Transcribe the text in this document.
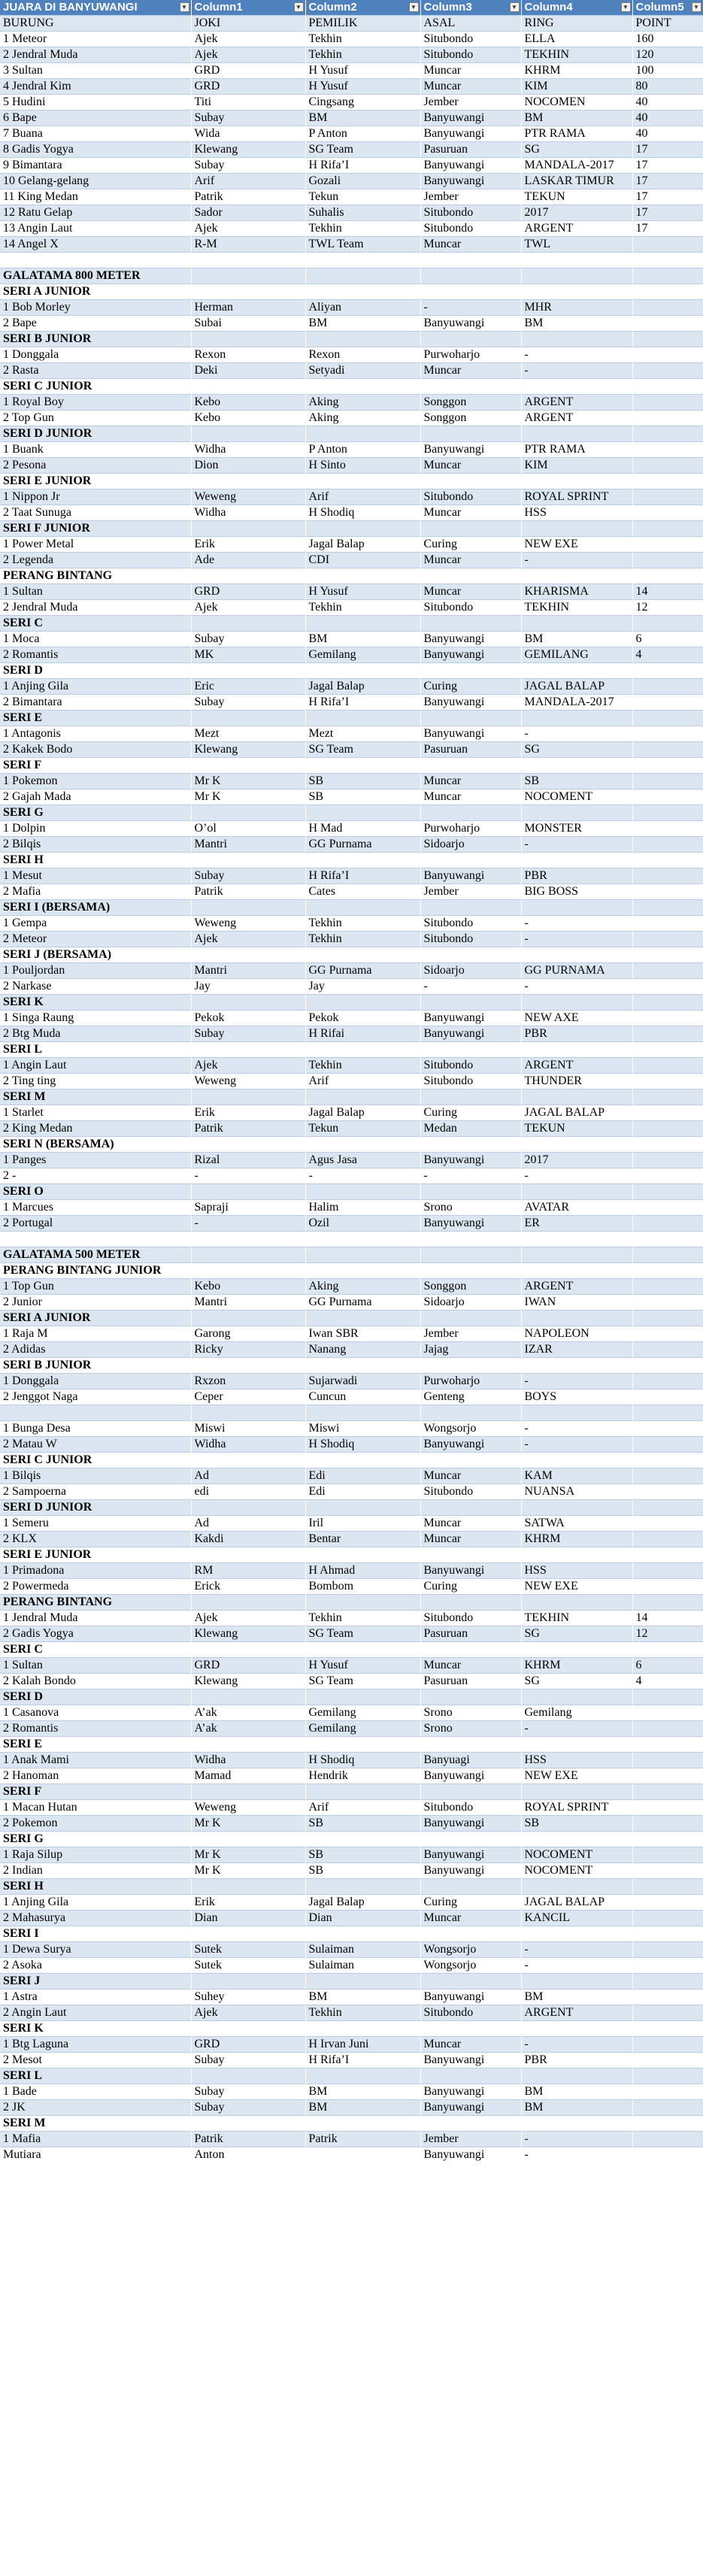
JUARA DI BANYUWANGI ▼	Column1 ▼	Column2 ▼	Column3 ▼	Column4 ▼	Column5 ▼

BURUNG	JOKI	PEMILIK	ASAL	RING	POINT
1 Meteor	Ajek	Tekhin	Situbondo	ELLA	160
2 Jendral Muda	Ajek	Tekhin	Situbondo	TEKHIN	120
3 Sultan	GRD	H Yusuf	Muncar	KHRM	100
4 Jendral Kim	GRD	H Yusuf	Muncar	KIM	80
5 Hudini	Titi	Cingsang	Jember	NOCOMEN	40
6 Bape	Subay	BM	Banyuwangi	BM	40
7 Buana	Wida	P Anton	Banyuwangi	PTR RAMA	40
8 Gadis Yogya	Klewang	SG Team	Pasuruan	SG	17
9 Bimantara	Subay	H Rifa’I	Banyuwangi	MANDALA-2017	17
10 Gelang-gelang	Arif	Gozali	Banyuwangi	LASKAR TIMUR	17
11 King Medan	Patrik	Tekun	Jember	TEKUN	17
12 Ratu Gelap	Sador	Suhalis	Situbondo	2017	17
13 Angin Laut	Ajek	Tekhin	Situbondo	ARGENT	17
14 Angel X	R-M	TWL Team	Muncar	TWL	

GALATAMA 800 METER					
SERI A JUNIOR					
1 Bob Morley	Herman	Aliyan	-	MHR	
2 Bape	Subai	BM	Banyuwangi	BM	
SERI B JUNIOR					
1 Donggala	Rexon	Rexon	Purwoharjo	-	
2 Rasta	Deki	Setyadi	Muncar	-	
SERI C JUNIOR					
1 Royal Boy	Kebo	Aking	Songgon	ARGENT	
2 Top Gun	Kebo	Aking	Songgon	ARGENT	
SERI D JUNIOR					
1 Buank	Widha	P Anton	Banyuwangi	PTR RAMA	
2 Pesona	Dion	H Sinto	Muncar	KIM	
SERI E JUNIOR					
1 Nippon Jr	Weweng	Arif	Situbondo	ROYAL SPRINT	
2 Taat Sunuga	Widha	H Shodiq	Muncar	HSS	
SERI F JUNIOR					
1 Power Metal	Erik	Jagal Balap	Curing	NEW EXE	
2 Legenda	Ade	CDI	Muncar	-	
PERANG BINTANG					
1 Sultan	GRD	H Yusuf	Muncar	KHARISMA	14
2 Jendral Muda	Ajek	Tekhin	Situbondo	TEKHIN	12
SERI C					
1 Moca	Subay	BM	Banyuwangi	BM	6
2 Romantis	MK	Gemilang	Banyuwangi	GEMILANG	4
SERI D					
1 Anjing Gila	Eric	Jagal Balap	Curing	JAGAL BALAP	
2 Bimantara	Subay	H Rifa’I	Banyuwangi	MANDALA-2017	
SERI E					
1 Antagonis	Mezt	Mezt	Banyuwangi	-	
2 Kakek Bodo	Klewang	SG Team	Pasuruan	SG	
SERI F					
1 Pokemon	Mr K	SB	Muncar	SB	
2 Gajah Mada	Mr K	SB	Muncar	NOCOMENT	
SERI G					
1 Dolpin	O’ol	H Mad	Purwoharjo	MONSTER	
2 Bilqis	Mantri	GG Purnama	Sidoarjo	-	
SERI H					
1 Mesut	Subay	H Rifa’I	Banyuwangi	PBR	
2 Mafia	Patrik	Cates	Jember	BIG BOSS	
SERI I (BERSAMA)					
1 Gempa	Weweng	Tekhin	Situbondo	-	
2 Meteor	Ajek	Tekhin	Situbondo	-	
SERI J (BERSAMA)					
1 Pouljordan	Mantri	GG Purnama	Sidoarjo	GG PURNAMA	
2 Narkase	Jay	Jay	-	-	
SERI K					
1 Singa Raung	Pekok	Pekok	Banyuwangi	NEW AXE	
2 Btg Muda	Subay	H Rifai	Banyuwangi	PBR	
SERI L					
1 Angin Laut	Ajek	Tekhin	Situbondo	ARGENT	
2 Ting ting	Weweng	Arif	Situbondo	THUNDER	
SERI M					
1 Starlet	Erik	Jagal Balap	Curing	JAGAL BALAP	
2 King Medan	Patrik	Tekun	Medan	TEKUN	
SERI N (BERSAMA)					
1 Panges	Rizal	Agus Jasa	Banyuwangi	2017	
2 -	-	-	-	-	
SERI O					
1 Marcues	Sapraji	Halim	Srono	AVATAR	
2 Portugal	-	Ozil	Banyuwangi	ER	

GALATAMA 500 METER					
PERANG BINTANG JUNIOR					
1 Top Gun	Kebo	Aking	Songgon	ARGENT	
2 Junior	Mantri	GG Purnama	Sidoarjo	IWAN	
SERI A JUNIOR					
1 Raja M	Garong	Iwan SBR	Jember	NAPOLEON	
2 Adidas	Ricky	Nanang	Jajag	IZAR	
SERI B JUNIOR					
1 Donggala	Rxzon	Sujarwadi	Purwoharjo	-	
2 Jenggot Naga	Ceper	Cuncun	Genteng	BOYS	

1 Bunga Desa	Miswi	Miswi	Wongsorjo	-	
2 Matau W	Widha	H Shodiq	Banyuwangi	-	
SERI C JUNIOR					
1 Bilqis	Ad	Edi	Muncar	KAM	
2 Sampoerna	edi	Edi	Situbondo	NUANSA	
SERI D JUNIOR					
1 Semeru	Ad	Iril	Muncar	SATWA	
2 KLX	Kakdi	Bentar	Muncar	KHRM	
SERI E JUNIOR					
1 Primadona	RM	H Ahmad	Banyuwangi	HSS	
2 Powermeda	Erick	Bombom	Curing	NEW EXE	
PERANG BINTANG					
1 Jendral Muda	Ajek	Tekhin	Situbondo	TEKHIN	14
2 Gadis Yogya	Klewang	SG Team	Pasuruan	SG	12
SERI C					
1 Sultan	GRD	H Yusuf	Muncar	KHRM	6
2 Kalah Bondo	Klewang	SG Team	Pasuruan	SG	4
SERI D					
1 Casanova	A’ak	Gemilang	Srono	Gemilang	
2 Romantis	A’ak	Gemilang	Srono	-	
SERI E					
1 Anak Mami	Widha	H Shodiq	Banyuagi	HSS	
2 Hanoman	Mamad	Hendrik	Banyuwangi	NEW EXE	
SERI F					
1 Macan Hutan	Weweng	Arif	Situbondo	ROYAL SPRINT	
2 Pokemon	Mr K	SB	Banyuwangi	SB	
SERI G					
1 Raja Silup	Mr K	SB	Banyuwangi	NOCOMENT	
2 Indian	Mr K	SB	Banyuwangi	NOCOMENT	
SERI H					
1 Anjing Gila	Erik	Jagal Balap	Curing	JAGAL BALAP	
2 Mahasurya	Dian	Dian	Muncar	KANCIL	
SERI I					
1 Dewa Surya	Sutek	Sulaiman	Wongsorjo	-	
2 Asoka	Sutek	Sulaiman	Wongsorjo	-	
SERI J					
1 Astra	Suhey	BM	Banyuwangi	BM	
2 Angin Laut	Ajek	Tekhin	Situbondo	ARGENT	
SERI K					
1 Btg Laguna	GRD	H Irvan Juni	Muncar	-	
2 Mesot	Subay	H Rifa’I	Banyuwangi	PBR	
SERI L					
1 Bade	Subay	BM	Banyuwangi	BM	
2 JK	Subay	BM	Banyuwangi	BM	
SERI M					
1 Mafia	Patrik	Patrik	Jember	-	
Mutiara	Anton		Banyuwangi	-	
